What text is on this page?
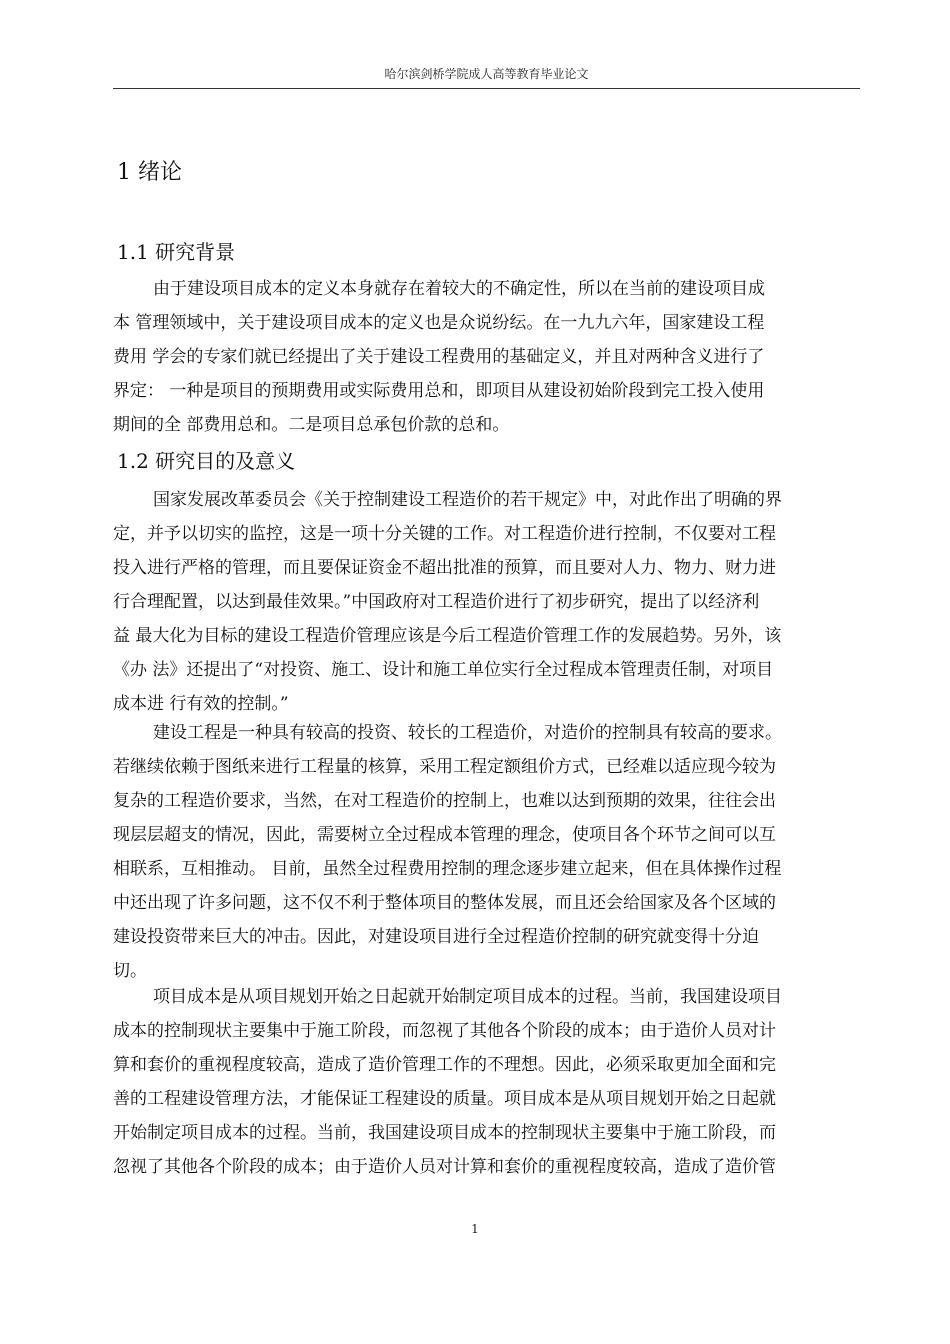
哈尔滨剑桥学院成人高等教育毕业论文
1 绪论
1.1 研究背景
由于建设项目成本的定义本身就存在着较大的不确定性，所以在当前的建设项目成
本 管理领域中，关于建设项目成本的定义也是众说纷纭。在一九九六年，国家建设工程
费用 学会的专家们就已经提出了关于建设工程费用的基础定义，并且对两种含义进行了
界定： 一种是项目的预期费用或实际费用总和，即项目从建设初始阶段到完工投入使用
期间的全 部费用总和。二是项目总承包价款的总和。
1.2 研究目的及意义
国家发展改革委员会《关于控制建设工程造价的若干规定》中，对此作出了明确的界
定，并予以切实的监控，这是一项十分关键的工作。对工程造价进行控制，不仅要对工程
投入进行严格的管理，而且要保证资金不超出批准的预算，而且要对人力、物力、财力进
行合理配置，以达到最佳效果。”中国政府对工程造价进行了初步研究，提出了以经济利
益 最大化为目标的建设工程造价管理应该是今后工程造价管理工作的发展趋势。另外，该
《办 法》还提出了“对投资、施工、设计和施工单位实行全过程成本管理责任制，对项目
成本进 行有效的控制。”
建设工程是一种具有较高的投资、较长的工程造价，对造价的控制具有较高的要求。
若继续依赖于图纸来进行工程量的核算，采用工程定额组价方式，已经难以适应现今较为
复杂的工程造价要求，当然，在对工程造价的控制上，也难以达到预期的效果，往往会出
现层层超支的情况，因此，需要树立全过程成本管理的理念，使项目各个环节之间可以互
相联系，互相推动。 目前，虽然全过程费用控制的理念逐步建立起来，但在具体操作过程
中还出现了许多问题，这不仅不利于整体项目的整体发展，而且还会给国家及各个区域的
建设投资带来巨大的冲击。因此，对建设项目进行全过程造价控制的研究就变得十分迫
切。
项目成本是从项目规划开始之日起就开始制定项目成本的过程。当前，我国建设项目
成本的控制现状主要集中于施工阶段，而忽视了其他各个阶段的成本；由于造价人员对计
算和套价的重视程度较高，造成了造价管理工作的不理想。因此，必须采取更加全面和完
善的工程建设管理方法，才能保证工程建设的质量。项目成本是从项目规划开始之日起就
开始制定项目成本的过程。当前，我国建设项目成本的控制现状主要集中于施工阶段，而
忽视了其他各个阶段的成本；由于造价人员对计算和套价的重视程度较高，造成了造价管
1
